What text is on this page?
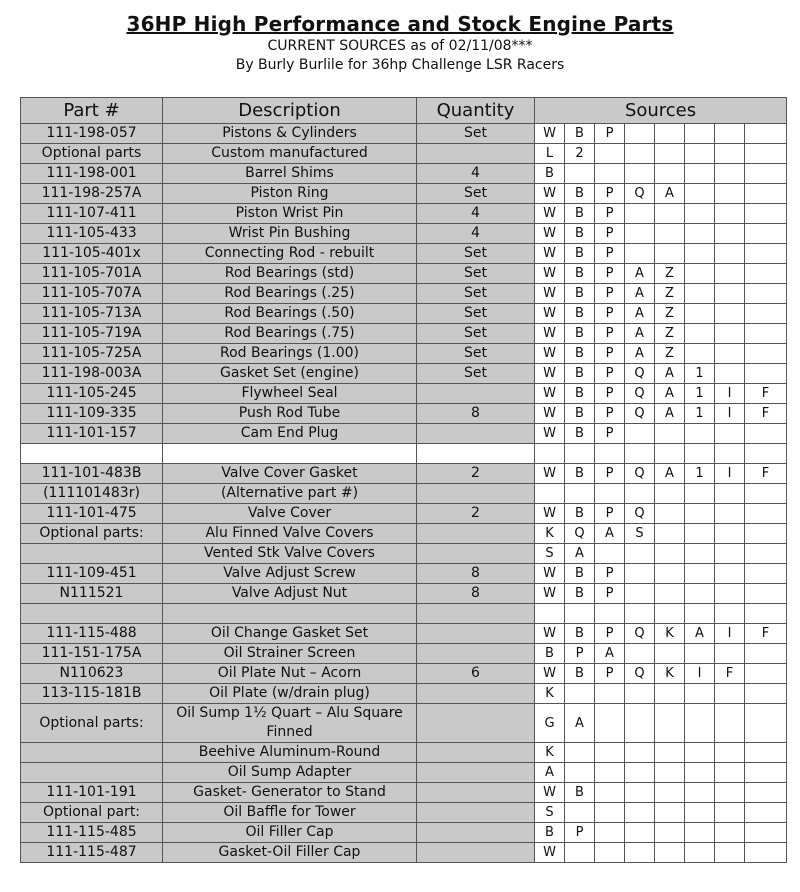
36HP High Performance and Stock Engine Parts
CURRENT SOURCES as of 02/11/08***
By Burly Burlile for 36hp Challenge LSR Racers
Part #	Description	Quantity	Sources							
111-198-057	Pistons & Cylinders	Set	W	B	P					
Optional parts	Custom manufactured		L	2						
111-198-001	Barrel Shims	4	B							
111-198-257A	Piston Ring	Set	W	B	P	Q	A			
111-107-411	Piston Wrist Pin	4	W	B	P					
111-105-433	Wrist Pin Bushing	4	W	B	P					
111-105-401x	Connecting Rod - rebuilt	Set	W	B	P					
111-105-701A	Rod Bearings (std)	Set	W	B	P	A	Z			
111-105-707A	Rod Bearings (.25)	Set	W	B	P	A	Z			
111-105-713A	Rod Bearings (.50)	Set	W	B	P	A	Z			
111-105-719A	Rod Bearings (.75)	Set	W	B	P	A	Z			
111-105-725A	Rod Bearings (1.00)	Set	W	B	P	A	Z			
111-198-003A	Gasket Set (engine)	Set	W	B	P	Q	A	1		
111-105-245	Flywheel Seal		W	B	P	Q	A	1	I	F
111-109-335	Push Rod Tube	8	W	B	P	Q	A	1	I	F
111-101-157	Cam End Plug		W	B	P					

111-101-483B	Valve Cover Gasket	2	W	B	P	Q	A	1	I	F
(111101483r)	(Alternative part #)									
111-101-475	Valve Cover	2	W	B	P	Q				
Optional parts:	Alu Finned Valve Covers		K	Q	A	S				
	Vented Stk Valve Covers		S	A						
111-109-451	Valve Adjust Screw	8	W	B	P					
N111521	Valve Adjust Nut	8	W	B	P					

111-115-488	Oil Change Gasket Set		W	B	P	Q	K	A	I	F
111-151-175A	Oil Strainer Screen		B	P	A					
N110623	Oil Plate Nut – Acorn	6	W	B	P	Q	K	I	F	
113-115-181B	Oil Plate (w/drain plug)		K							
Optional parts:	Oil Sump 1½ Quart – Alu Square Finned		G	A						
	Beehive Aluminum-Round		K							
	Oil Sump Adapter		A							
111-101-191	Gasket- Generator to Stand		W	B						
Optional part:	Oil Baffle for Tower		S							
111-115-485	Oil Filler Cap		B	P						
111-115-487	Gasket-Oil Filler Cap		W							
